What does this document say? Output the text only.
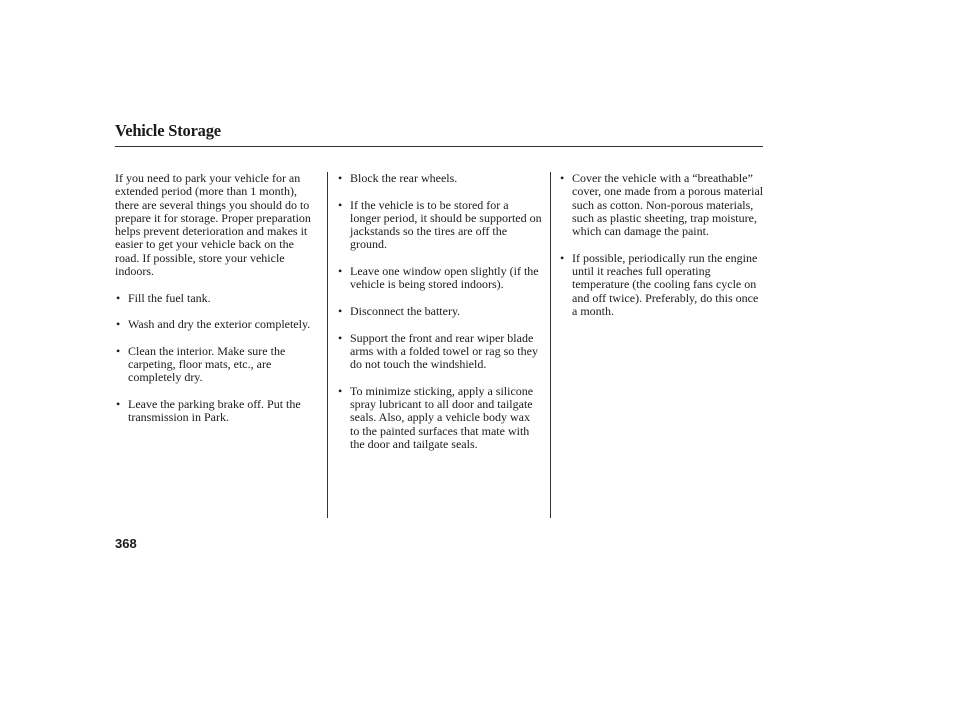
Vehicle Storage

If you need to park your vehicle for an extended period (more than 1 month), there are several things you should do to prepare it for storage. Proper preparation helps prevent deterioration and makes it easier to get your vehicle back on the road. If possible, store your vehicle indoors.

• Fill the fuel tank.
• Wash and dry the exterior completely.
• Clean the interior. Make sure the carpeting, floor mats, etc., are completely dry.
• Leave the parking brake off. Put the transmission in Park.
• Block the rear wheels.
• If the vehicle is to be stored for a longer period, it should be supported on jackstands so the tires are off the ground.
• Leave one window open slightly (if the vehicle is being stored indoors).
• Disconnect the battery.
• Support the front and rear wiper blade arms with a folded towel or rag so they do not touch the windshield.
• To minimize sticking, apply a silicone spray lubricant to all door and tailgate seals. Also, apply a vehicle body wax to the painted surfaces that mate with the door and tailgate seals.
• Cover the vehicle with a “breathable” cover, one made from a porous material such as cotton. Non-porous materials, such as plastic sheeting, trap moisture, which can damage the paint.
• If possible, periodically run the engine until it reaches full operating temperature (the cooling fans cycle on and off twice). Preferably, do this once a month.
368
